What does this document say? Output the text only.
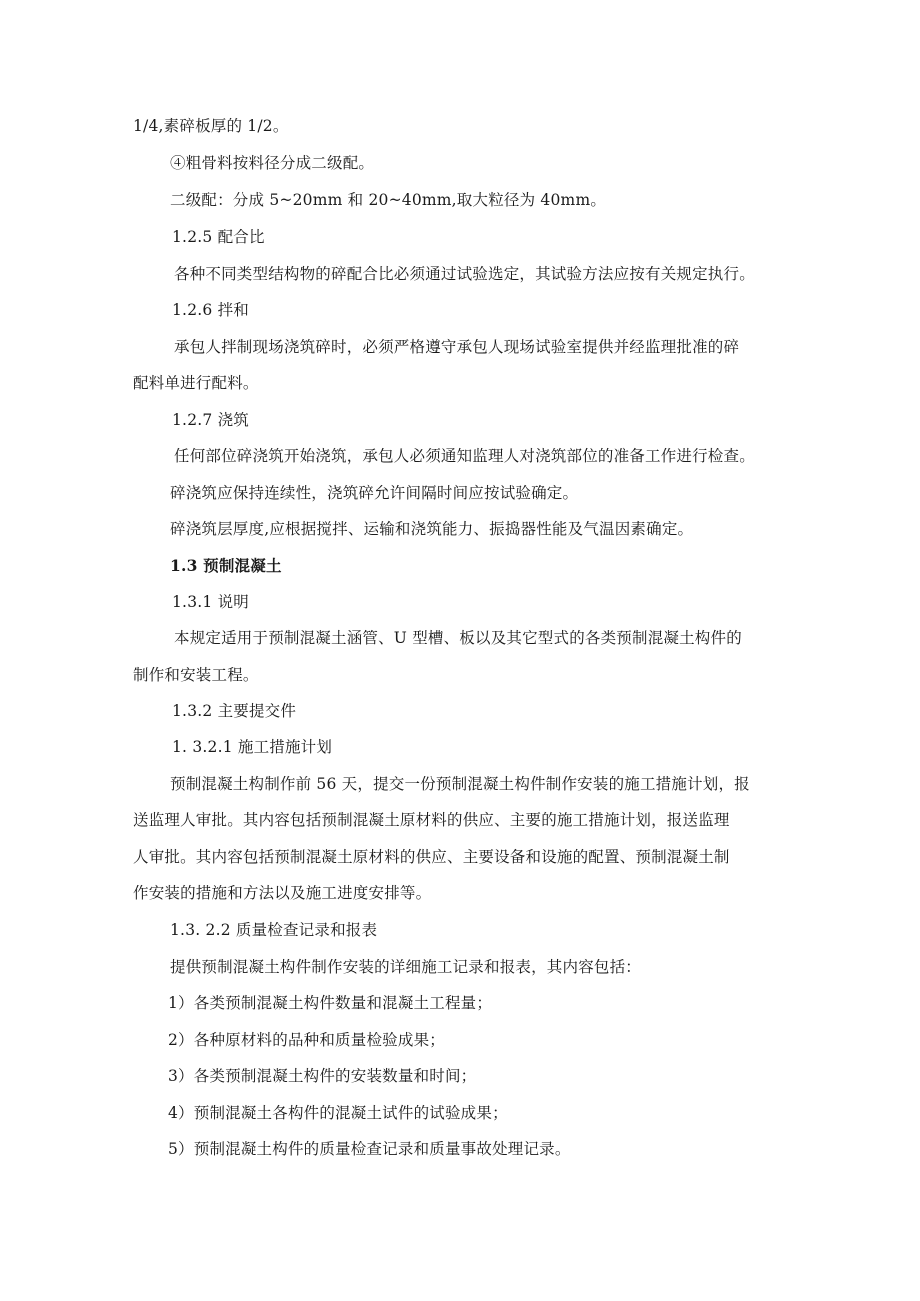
1/4,素碎板厚的 1/2。
④粗骨料按料径分成二级配。
二级配：分成 5~20mm 和 20~40mm,取大粒径为 40mm。
1.2.5 配合比
各种不同类型结构物的碎配合比必须通过试验选定，其试验方法应按有关规定执行。
1.2.6 拌和
承包人拌制现场浇筑碎时，必须严格遵守承包人现场试验室提供并经监理批准的碎
配料单进行配料。
1.2.7 浇筑
任何部位碎浇筑开始浇筑，承包人必须通知监理人对浇筑部位的准备工作进行检查。
碎浇筑应保持连续性，浇筑碎允许间隔时间应按试验确定。
碎浇筑层厚度,应根据搅拌、运输和浇筑能力、振捣器性能及气温因素确定。
1.3 预制混凝土
1.3.1 说明
本规定适用于预制混凝土涵管、U 型槽、板以及其它型式的各类预制混凝土构件的
制作和安装工程。
1.3.2 主要提交件
1. 3.2.1 施工措施计划
预制混凝土构制作前 56 天，提交一份预制混凝土构件制作安装的施工措施计划，报
送监理人审批。其内容包括预制混凝土原材料的供应、主要的施工措施计划，报送监理
人审批。其内容包括预制混凝土原材料的供应、主要设备和设施的配置、预制混凝土制
作安装的措施和方法以及施工进度安排等。
1.3. 2.2 质量检查记录和报表
提供预制混凝土构件制作安装的详细施工记录和报表，其内容包括：
1）各类预制混凝土构件数量和混凝土工程量；
2）各种原材料的品种和质量检验成果；
3）各类预制混凝土构件的安装数量和时间；
4）预制混凝土各构件的混凝土试件的试验成果；
5）预制混凝土构件的质量检查记录和质量事故处理记录。
